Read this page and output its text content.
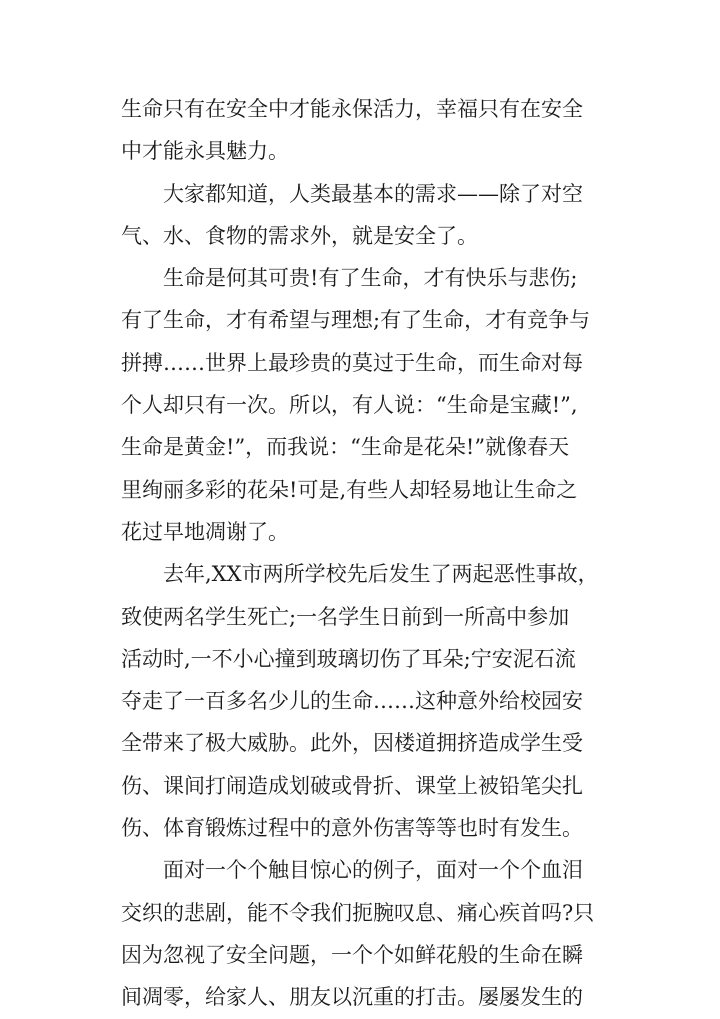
生命只有在安全中才能永保活力，幸福只有在安全
中才能永具魅力。
大家都知道，人类最基本的需求——除了对空
气、水、食物的需求外，就是安全了。
生命是何其可贵!有了生命，才有快乐与悲伤;
有了生命，才有希望与理想;有了生命，才有竞争与
拼搏……世界上最珍贵的莫过于生命，而生命对每
个人却只有一次。所以，有人说：“生命是宝藏!”,
生命是黄金!”，而我说：“生命是花朵!”就像春天
里绚丽多彩的花朵!可是,有些人却轻易地让生命之
花过早地凋谢了。
去年,XX市两所学校先后发生了两起恶性事故，
致使两名学生死亡;一名学生日前到一所高中参加
活动时,一不小心撞到玻璃切伤了耳朵;宁安泥石流
夺走了一百多名少儿的生命……这种意外给校园安
全带来了极大威胁。此外，因楼道拥挤造成学生受
伤、课间打闹造成划破或骨折、课堂上被铅笔尖扎
伤、体育锻炼过程中的意外伤害等等也时有发生。
面对一个个触目惊心的例子，面对一个个血泪
交织的悲剧，能不令我们扼腕叹息、痛心疾首吗?只
因为忽视了安全问题，一个个如鲜花般的生命在瞬
间凋零，给家人、朋友以沉重的打击。屡屡发生的
